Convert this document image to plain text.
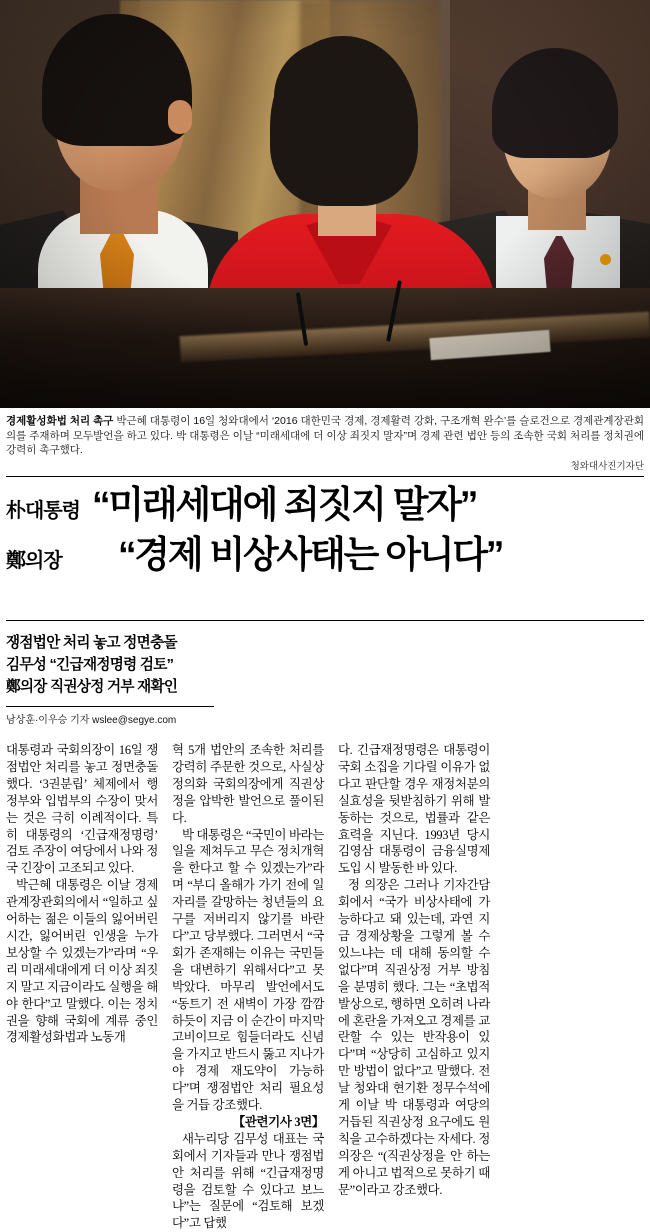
경제활성화법 처리 촉구 박근혜 대통령이 16일 청와대에서 ‘2016 대한민국 경제, 경제활력 강화, 구조개혁 완수’를 슬로건으로 경제관계장관회의를 주재하며 모두발언을 하고 있다. 박 대통령은 이날 “미래세대에 더 이상 죄짓지 말자”며 경제 관련 법안 등의 조속한 국회 처리를 정치권에 강력히 촉구했다.
청와대사진기자단
朴대통령 “미래세대에 죄짓지 말자”
鄭의장	“경제 비상사태는 아니다”
쟁점법안 처리 놓고 정면충돌
김무성 “긴급재정명령 검토”
鄭의장 직권상정 거부 재확인
남상훈·이우승 기자 wslee@segye.com

대통령과 국회의장이 16일 쟁점법안 처리를 놓고 정면충돌했다. ‘3권분립’ 체제에서 행정부와 입법부의 수장이 맞서는 것은 극히 이례적이다. 특히 대통령의 ‘긴급재정명령’ 검토 주장이 여당에서 나와 정국 긴장이 고조되고 있다.

박근혜 대통령은 이날 경제관계장관회의에서 “일하고 싶어하는 젊은 이들의 잃어버린 시간, 잃어버린 인생을 누가 보상할 수 있겠는가”라며 “우리 미래세대에게 더 이상 죄짓지 말고 지금이라도 실행을 해야 한다”고 말했다. 이는 정치권을 향해 국회에 계류 중인 경제활성화법과 노동개

혁 5개 법안의 조속한 처리를 강력히 주문한 것으로, 사실상 정의화 국회의장에게 직권상정을 압박한 발언으로 풀이된다.

박 대통령은 “국민이 바라는 일을 제쳐두고 무슨 정치개혁을 한다고 할 수 있겠는가”라며 “부디 올해가 가기 전에 일자리를 갈망하는 청년들의 요구를 저버리지 않기를 바란다”고 당부했다. 그러면서 “국회가 존재해는 이유는 국민들을 대변하기 위해서다”고 못박았다. 마무리 발언에서도 “동트기 전 새벽이 가장 깜깜하듯이 지금 이 순간이 마지막 고비이므로 힘들더라도 신념을 가지고 반드시 뚫고 지나가야 경제 재도약이 가능하다”며 쟁점법안 처리 필요성을 거듭 강조했다.

【관련기사 3면】

새누리당 김무성 대표는 국회에서 기자들과 만나 쟁점법안 처리를 위해 “긴급재정명령을 검토할 수 있다고 보느냐”는 질문에 “검토해 보겠다”고 답했

다. 긴급재정명령은 대통령이 국회 소집을 기다릴 이유가 없다고 판단할 경우 재정처분의 실효성을 뒷받침하기 위해 발동하는 것으로, 법률과 같은 효력을 지닌다. 1993년 당시 김영삼 대통령이 금융실명제 도입 시 발동한 바 있다.

정 의장은 그러나 기자간담회에서 “국가 비상사태에 가능하다고 돼 있는데, 과연 지금 경제상황을 그렇게 볼 수 있느냐는 데 대해 동의할 수 없다”며 직권상정 거부 방침을 분명히 했다. 그는 “초법적 발상으로, 행하면 오히려 나라에 혼란을 가져오고 경제를 교란할 수 있는 반작용이 있다”며 “상당히 고심하고 있지만 방법이 없다”고 말했다. 전날 청와대 현기환 정무수석에게 이날 박 대통령과 여당의 거듭된 직권상정 요구에도 원칙을 고수하겠다는 자세다. 정 의장은 “(직권상정을 안 하는 게 아니고 법적으로 못하기 때문”이라고 강조했다.
